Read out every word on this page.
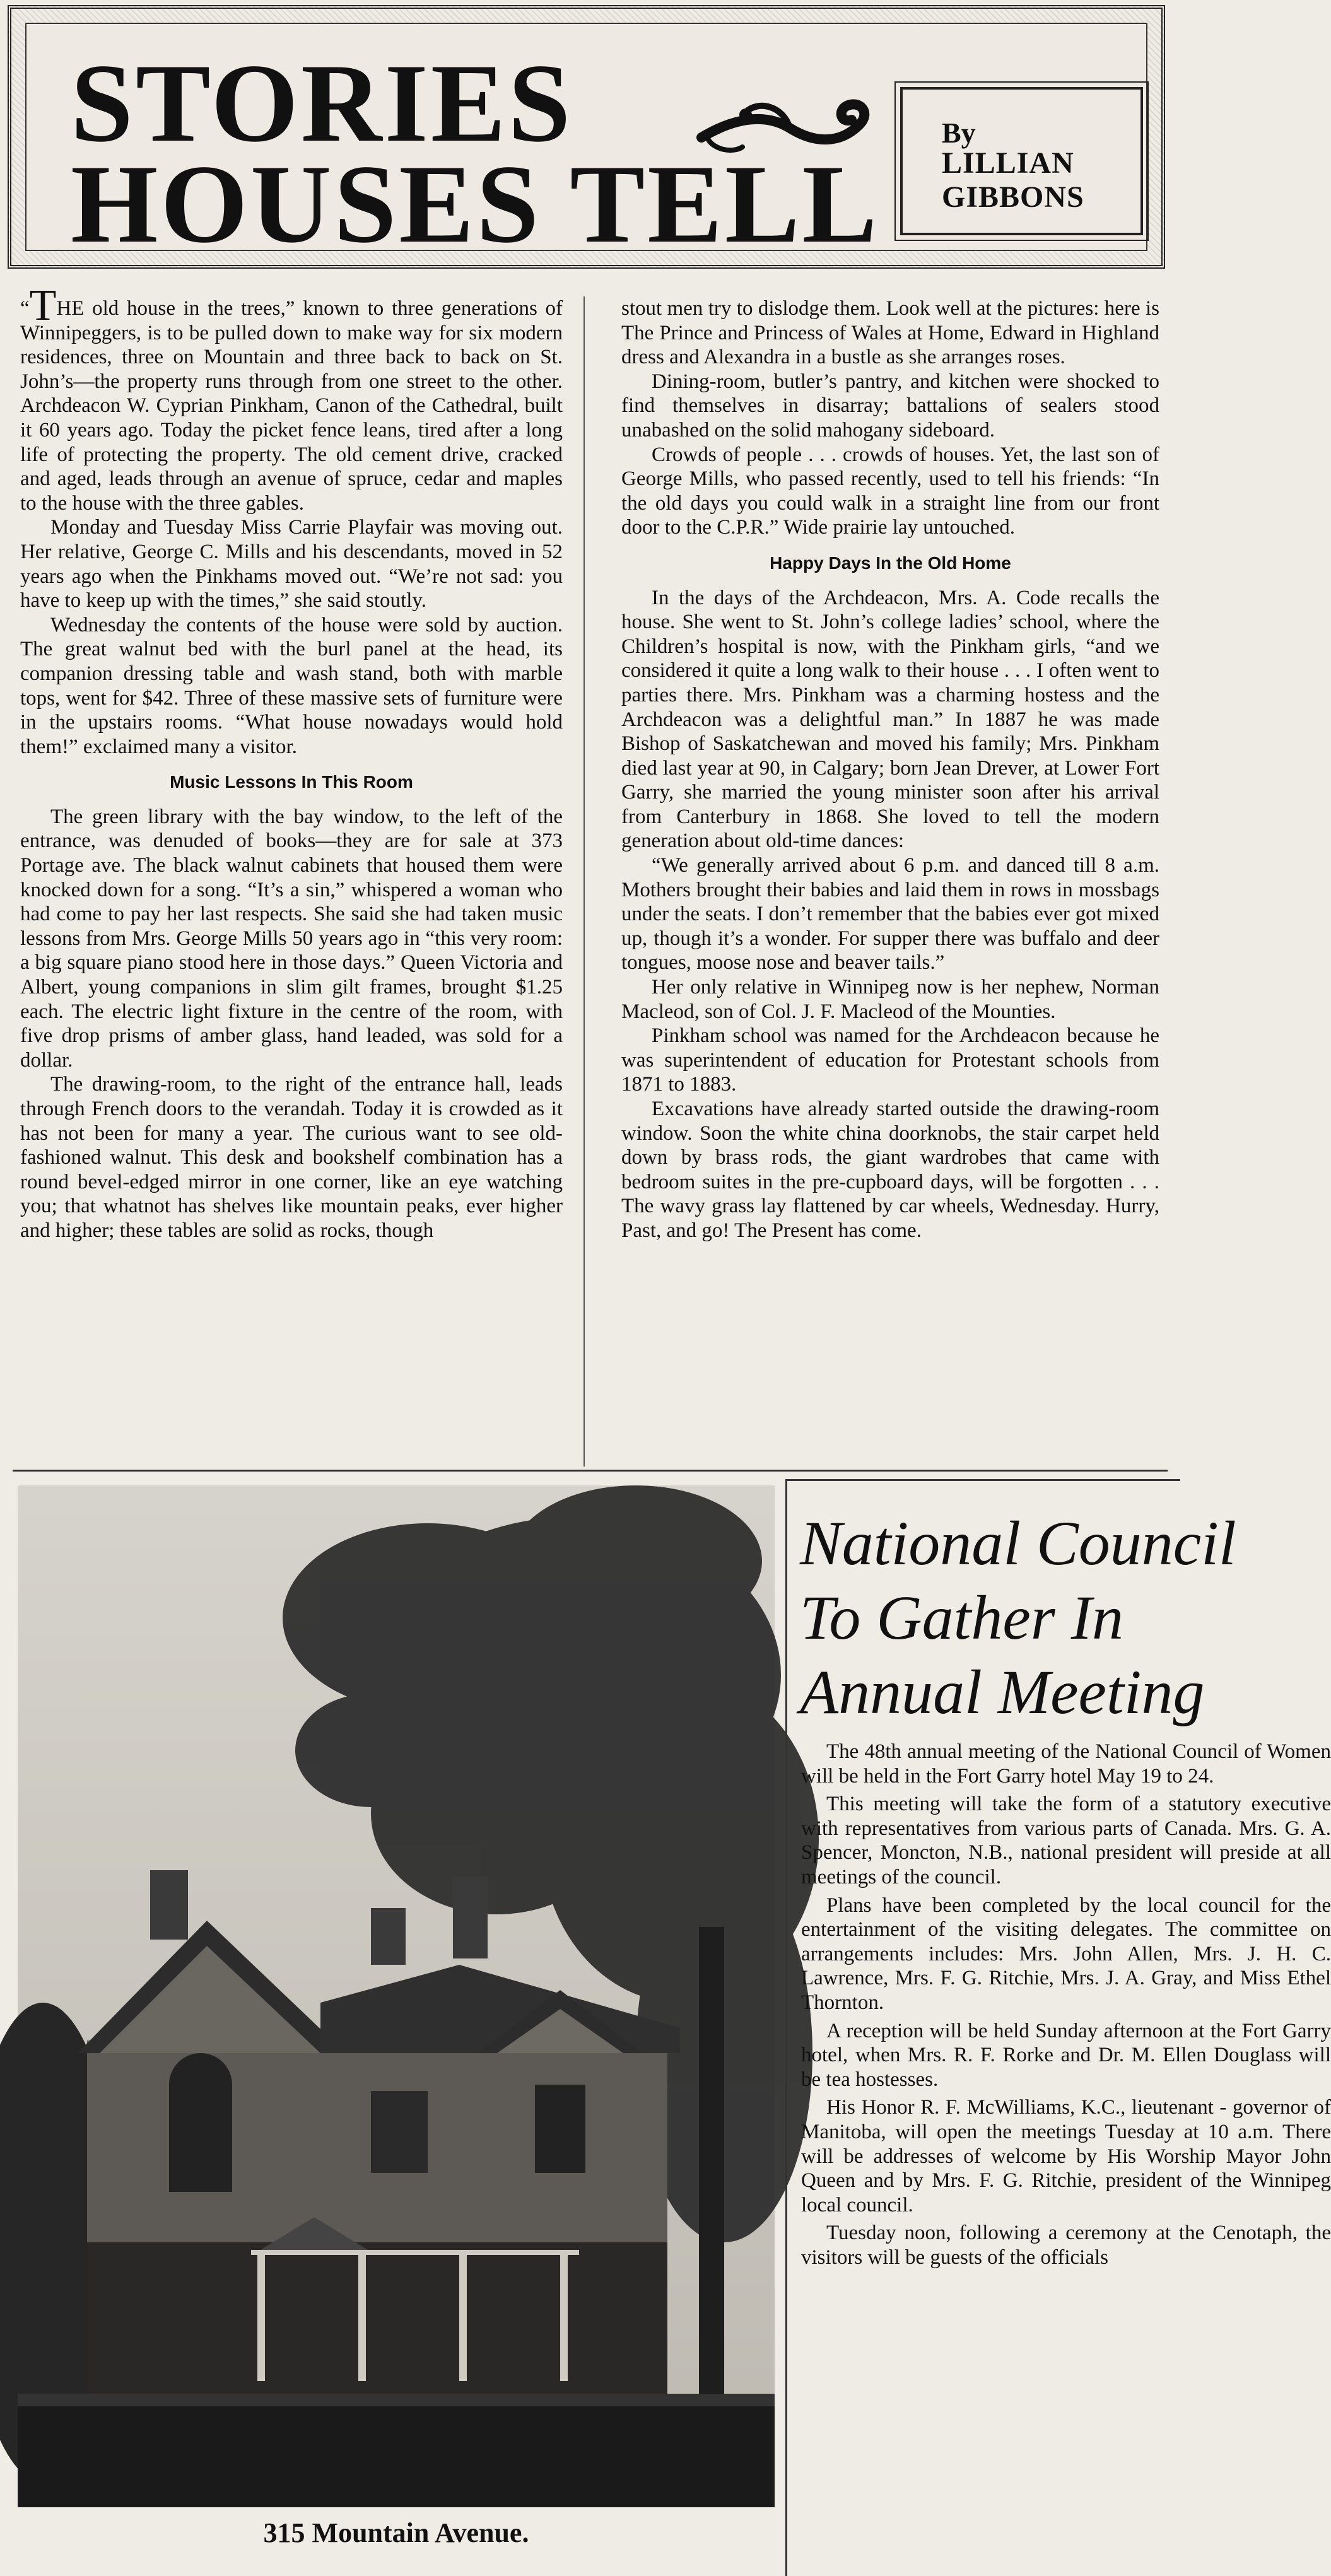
STORIES
HOUSES TELL
By
LILLIAN
GIBBONS

“THE old house in the trees,” known to three generations of Winnipeggers, is to be pulled down to make way for six modern residences, three on Mountain and three back to back on St. John’s—the property runs through from one street to the other. Archdeacon W. Cyprian Pinkham, Canon of the Cathedral, built it 60 years ago. Today the picket fence leans, tired after a long life of protecting the property. The old cement drive, cracked and aged, leads through an avenue of spruce, cedar and maples to the house with the three gables.

Monday and Tuesday Miss Carrie Playfair was moving out. Her relative, George C. Mills and his descendants, moved in 52 years ago when the Pinkhams moved out. “We’re not sad: you have to keep up with the times,” she said stoutly.

Wednesday the contents of the house were sold by auction. The great walnut bed with the burl panel at the head, its companion dressing table and wash stand, both with marble tops, went for $42. Three of these massive sets of furniture were in the upstairs rooms. “What house nowadays would hold them!” exclaimed many a visitor.

Music Lessons In This Room

The green library with the bay window, to the left of the entrance, was denuded of books—they are for sale at 373 Portage ave. The black walnut cabinets that housed them were knocked down for a song. “It’s a sin,” whispered a woman who had come to pay her last respects. She said she had taken music lessons from Mrs. George Mills 50 years ago in “this very room: a big square piano stood here in those days.” Queen Victoria and Albert, young companions in slim gilt frames, brought $1.25 each. The electric light fixture in the centre of the room, with five drop prisms of amber glass, hand leaded, was sold for a dollar.

The drawing-room, to the right of the entrance hall, leads through French doors to the verandah. Today it is crowded as it has not been for many a year. The curious want to see old-fashioned walnut. This desk and bookshelf combination has a round bevel-edged mirror in one corner, like an eye watching you; that whatnot has shelves like mountain peaks, ever higher and higher; these tables are solid as rocks, though

stout men try to dislodge them. Look well at the pictures: here is The Prince and Princess of Wales at Home, Edward in Highland dress and Alexandra in a bustle as she arranges roses.

Dining-room, butler’s pantry, and kitchen were shocked to find themselves in disarray; battalions of sealers stood unabashed on the solid mahogany sideboard.

Crowds of people . . . crowds of houses. Yet, the last son of George Mills, who passed recently, used to tell his friends: “In the old days you could walk in a straight line from our front door to the C.P.R.” Wide prairie lay untouched.

Happy Days In the Old Home

In the days of the Archdeacon, Mrs. A. Code recalls the house. She went to St. John’s college ladies’ school, where the Children’s hospital is now, with the Pinkham girls, “and we considered it quite a long walk to their house . . . I often went to parties there. Mrs. Pinkham was a charming hostess and the Archdeacon was a delightful man.” In 1887 he was made Bishop of Saskatchewan and moved his family; Mrs. Pinkham died last year at 90, in Calgary; born Jean Drever, at Lower Fort Garry, she married the young minister soon after his arrival from Canterbury in 1868. She loved to tell the modern generation about old-time dances:

“We generally arrived about 6 p.m. and danced till 8 a.m. Mothers brought their babies and laid them in rows in mossbags under the seats. I don’t remember that the babies ever got mixed up, though it’s a wonder. For supper there was buffalo and deer tongues, moose nose and beaver tails.”

Her only relative in Winnipeg now is her nephew, Norman Macleod, son of Col. J. F. Macleod of the Mounties.

Pinkham school was named for the Archdeacon because he was superintendent of education for Protestant schools from 1871 to 1883.

Excavations have already started outside the drawing-room window. Soon the white china doorknobs, the stair carpet held down by brass rods, the giant wardrobes that came with bedroom suites in the pre-cupboard days, will be forgotten . . . The wavy grass lay flattened by car wheels, Wednesday. Hurry, Past, and go! The Present has come.

315 Mountain Avenue.
National Council
To Gather In
Annual Meeting

The 48th annual meeting of the National Council of Women will be held in the Fort Garry hotel May 19 to 24.

This meeting will take the form of a statutory executive with representatives from various parts of Canada. Mrs. G. A. Spencer, Moncton, N.B., national president will preside at all meetings of the council.

Plans have been completed by the local council for the entertainment of the visiting delegates. The committee on arrangements includes: Mrs. John Allen, Mrs. J. H. C. Lawrence, Mrs. F. G. Ritchie, Mrs. J. A. Gray, and Miss Ethel Thornton.

A reception will be held Sunday afternoon at the Fort Garry hotel, when Mrs. R. F. Rorke and Dr. M. Ellen Douglass will be tea hostesses.

His Honor R. F. McWilliams, K.C., lieutenant - governor of Manitoba, will open the meetings Tuesday at 10 a.m. There will be addresses of welcome by His Worship Mayor John Queen and by Mrs. F. G. Ritchie, president of the Winnipeg local council.

Tuesday noon, following a ceremony at the Cenotaph, the visitors will be guests of the officials
